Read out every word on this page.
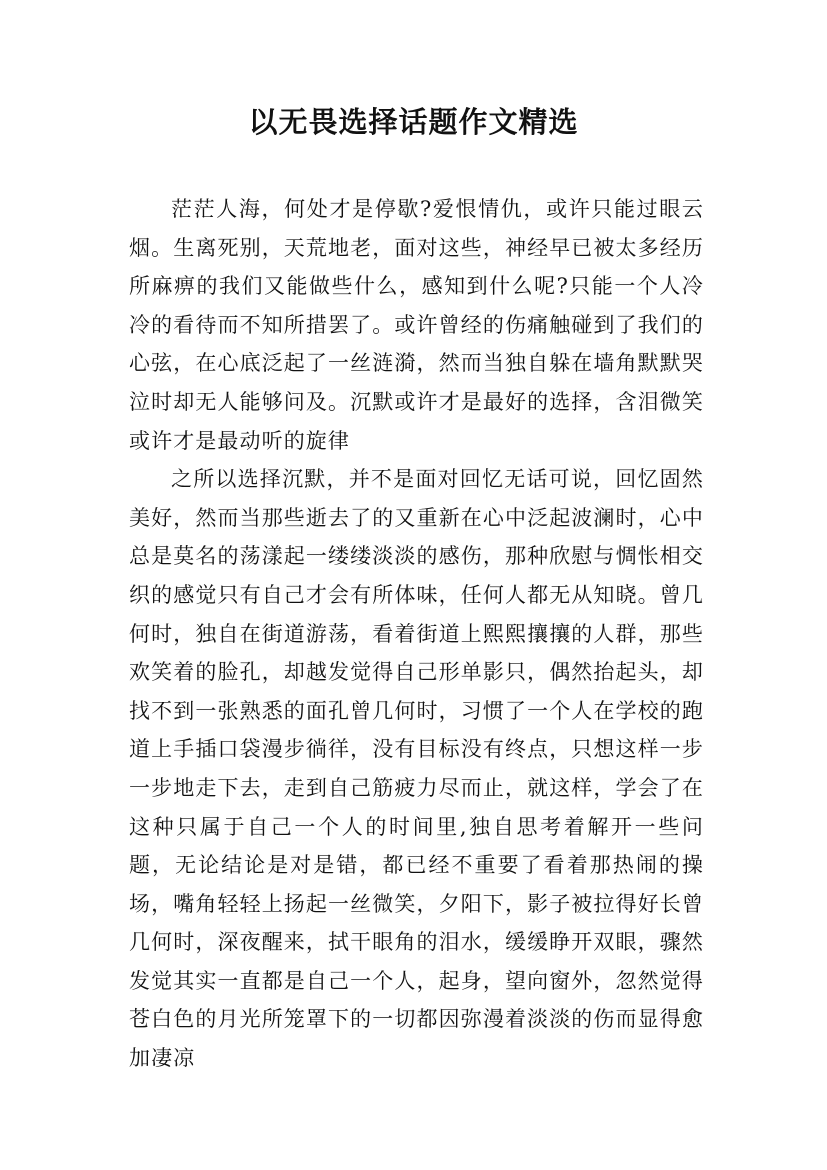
以无畏选择话题作文精选

茫茫人海，何处才是停歇?爱恨情仇，或许只能过眼云烟。生离死别，天荒地老，面对这些，神经早已被太多经历所麻痹的我们又能做些什么，感知到什么呢?只能一个人冷冷的看待而不知所措罢了。或许曾经的伤痛触碰到了我们的心弦，在心底泛起了一丝涟漪，然而当独自躲在墙角默默哭泣时却无人能够问及。沉默或许才是最好的选择，含泪微笑或许才是最动听的旋律

之所以选择沉默，并不是面对回忆无话可说，回忆固然美好，然而当那些逝去了的又重新在心中泛起波澜时，心中总是莫名的荡漾起一缕缕淡淡的感伤，那种欣慰与惆怅相交织的感觉只有自己才会有所体味，任何人都无从知晓。曾几何时，独自在街道游荡，看着街道上熙熙攘攘的人群，那些欢笑着的脸孔，却越发觉得自己形单影只，偶然抬起头，却找不到一张熟悉的面孔曾几何时，习惯了一个人在学校的跑道上手插口袋漫步徜徉，没有目标没有终点，只想这样一步一步地走下去，走到自己筋疲力尽而止，就这样，学会了在这种只属于自己一个人的时间里,独自思考着解开一些问题，无论结论是对是错，都已经不重要了看着那热闹的操场，嘴角轻轻上扬起一丝微笑，夕阳下，影子被拉得好长曾几何时，深夜醒来，拭干眼角的泪水，缓缓睁开双眼，骤然发觉其实一直都是自己一个人，起身，望向窗外，忽然觉得苍白色的月光所笼罩下的一切都因弥漫着淡淡的伤而显得愈加凄凉
